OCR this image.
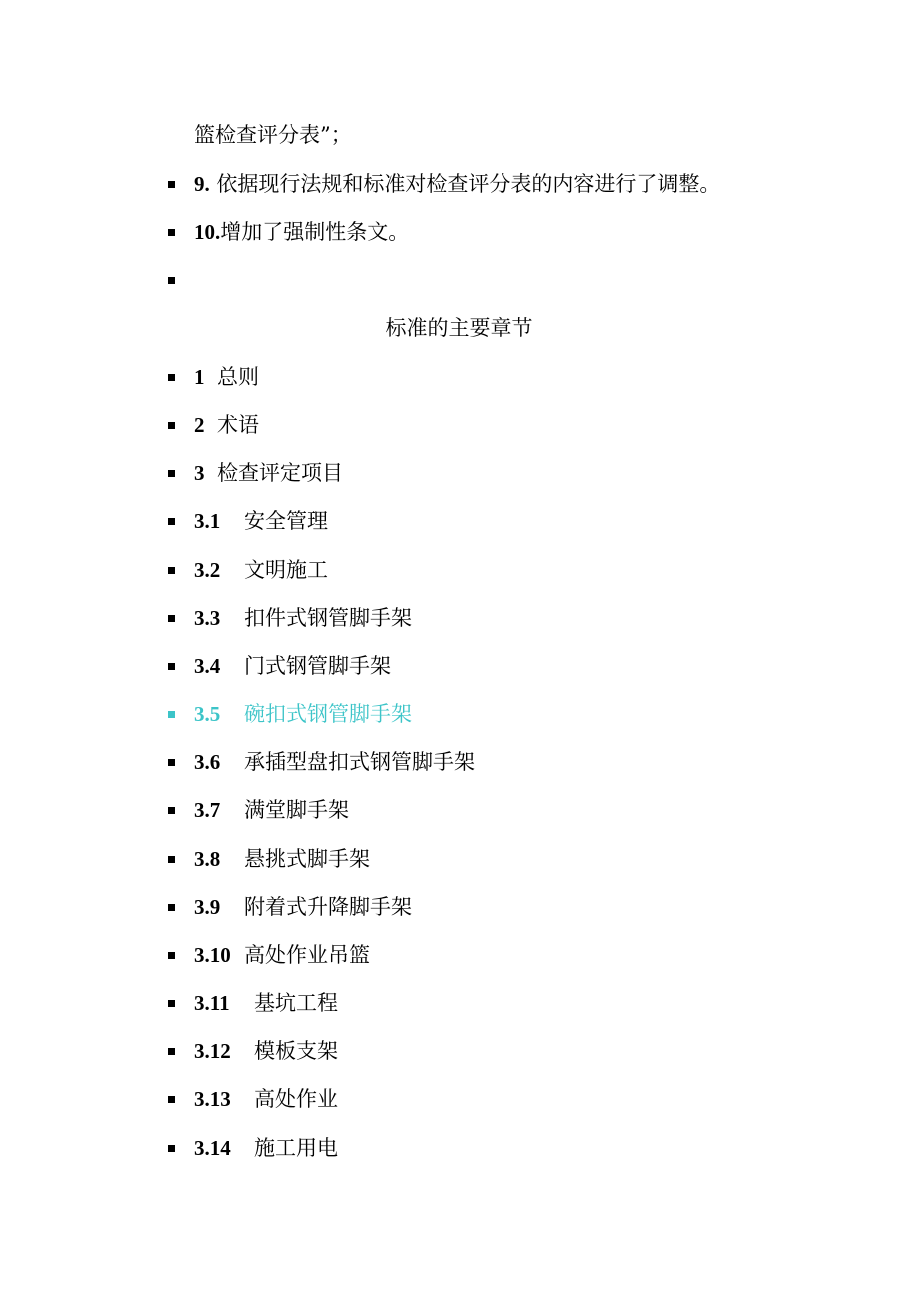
篮检查评分表”；
9. 依据现行法规和标准对检查评分表的内容进行了调整。
10.增加了强制性条文。
标准的主要章节
1 总则
2 术语
3 检查评定项目
3.1 安全管理
3.2 文明施工
3.3 扣件式钢管脚手架
3.4 门式钢管脚手架
3.5 碗扣式钢管脚手架
3.6 承插型盘扣式钢管脚手架
3.7 满堂脚手架
3.8 悬挑式脚手架
3.9 附着式升降脚手架
3.10 高处作业吊篮
3.11 基坑工程
3.12 模板支架
3.13 高处作业
3.14 施工用电
